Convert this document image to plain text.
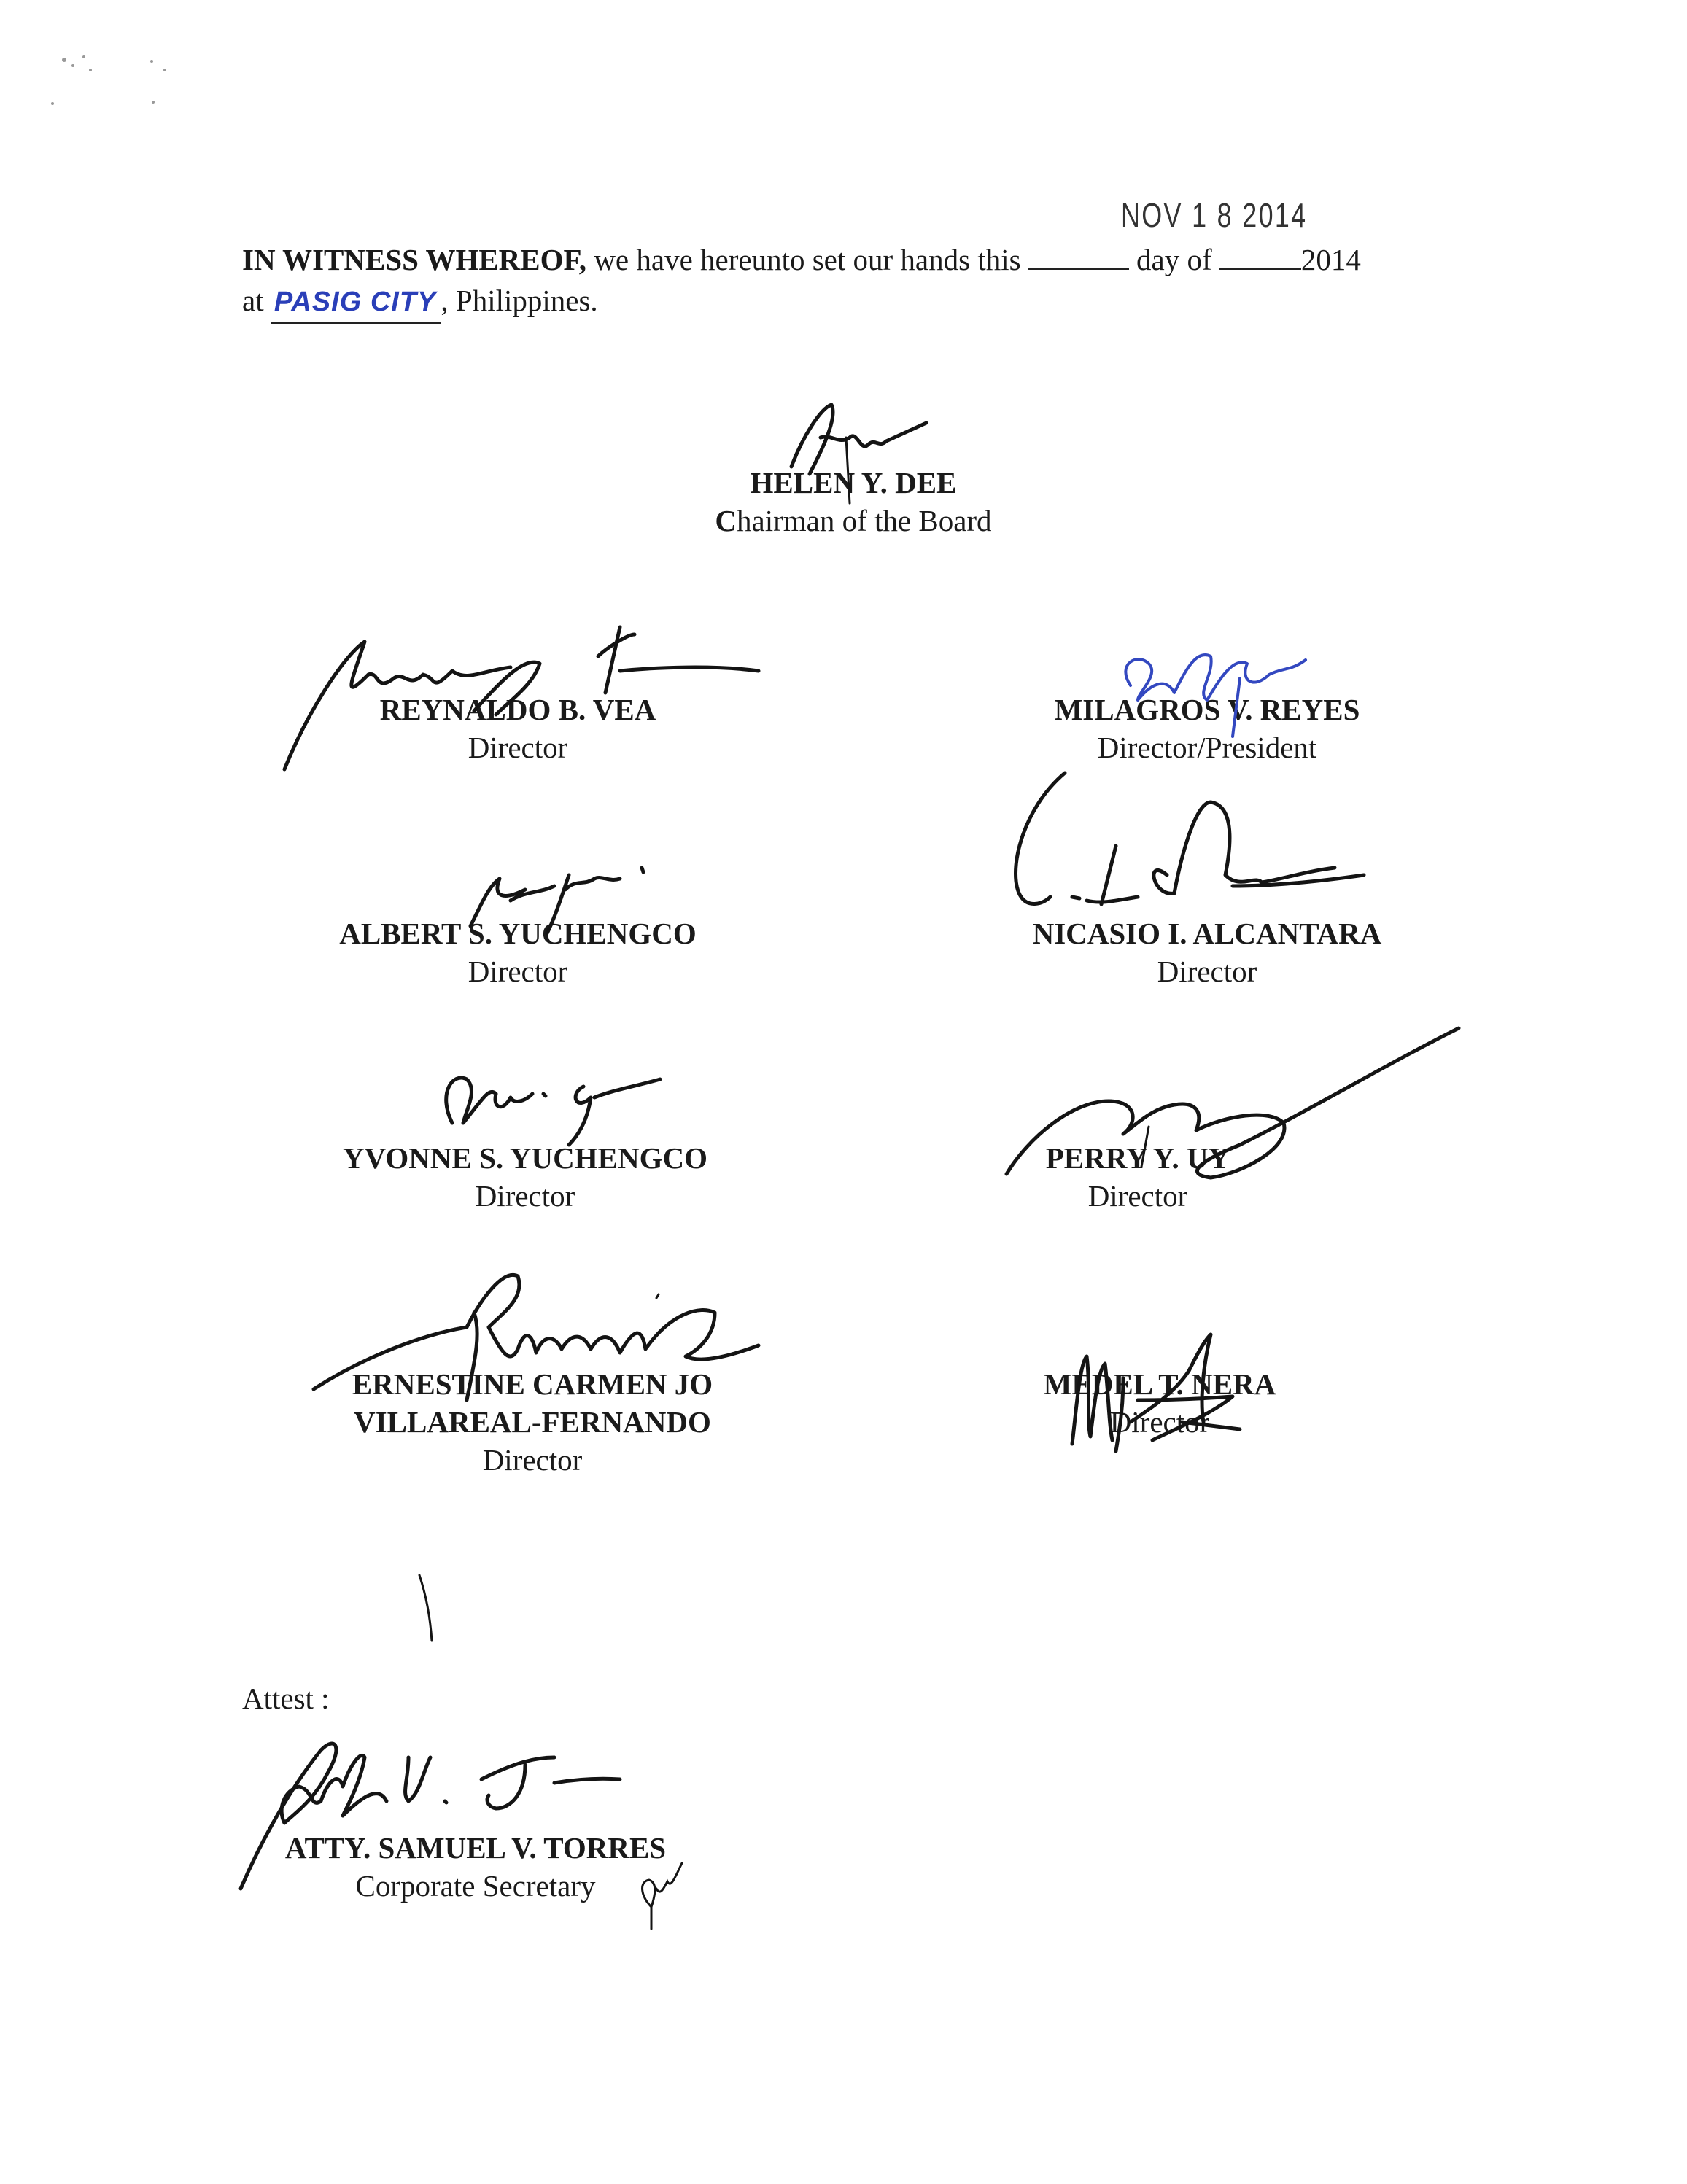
NOV 1 8 2014
IN WITNESS WHEREOF, we have hereunto set our hands this	day of	2014
at PASIG CITY , Philippines.
HELEN Y. DEE
Chairman of the Board
REYNALDO B. VEA
Director
MILAGROS V. REYES
Director/President
ALBERT S. YUCHENGCO
Director
NICASIO I. ALCANTARA
Director
YVONNE S. YUCHENGCO
Director
PERRY Y. UY
Director
ERNESTINE CARMEN JO
VILLAREAL-FERNANDO
Director
MEDEL T. NERA
Director
Attest :
ATTY. SAMUEL V. TORRES
Corporate Secretary
